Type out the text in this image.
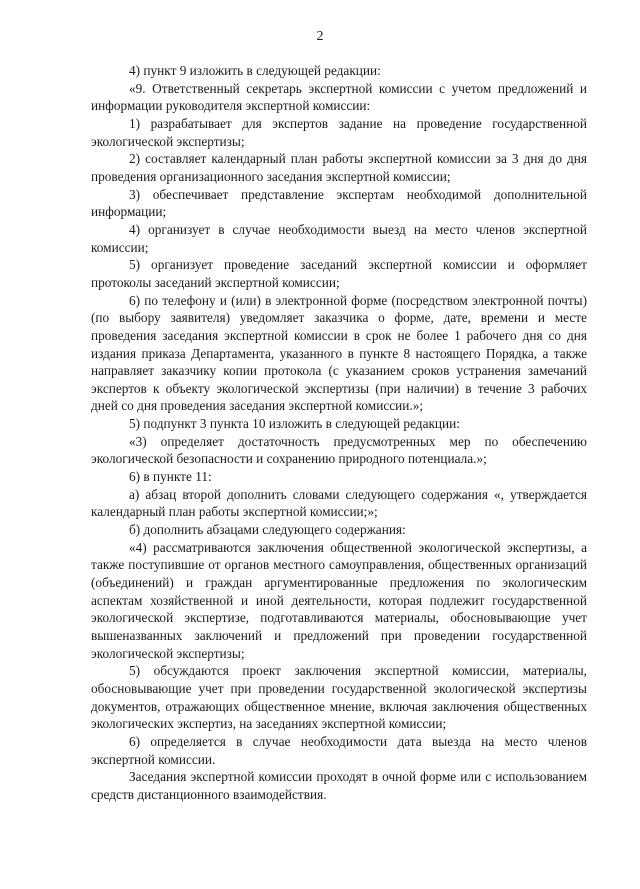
2

4) пункт 9 изложить в следующей редакции:

«9. Ответственный секретарь экспертной комиссии с учетом предложений и информации руководителя экспертной комиссии:

1) разрабатывает для экспертов задание на проведение государственной экологической экспертизы;

2) составляет календарный план работы экспертной комиссии за 3 дня до дня проведения организационного заседания экспертной комиссии;

3) обеспечивает представление экспертам необходимой дополнительной информации;

4) организует в случае необходимости выезд на место членов экспертной комиссии;

5) организует проведение заседаний экспертной комиссии и оформляет протоколы заседаний экспертной комиссии;

6) по телефону и (или) в электронной форме (посредством электронной почты) (по выбору заявителя) уведомляет заказчика о форме, дате, времени и месте проведения заседания экспертной комиссии в срок не более 1 рабочего дня со дня издания приказа Департамента, указанного в пункте 8 настоящего Порядка, а также направляет заказчику копии протокола (с указанием сроков устранения замечаний экспертов к объекту экологической экспертизы (при наличии) в течение 3 рабочих дней со дня проведения заседания экспертной комиссии.»;

5) подпункт 3 пункта 10 изложить в следующей редакции:

«3) определяет достаточность предусмотренных мер по обеспечению экологической безопасности и сохранению природного потенциала.»;

6) в пункте 11:

а) абзац второй дополнить словами следующего содержания «, утверждается календарный план работы экспертной комиссии;»;

б) дополнить абзацами следующего содержания:

«4) рассматриваются заключения общественной экологической экспертизы, а также поступившие от органов местного самоуправления, общественных организаций (объединений) и граждан аргументированные предложения по экологическим аспектам хозяйственной и иной деятельности, которая подлежит государственной экологической экспертизе, подготавливаются материалы, обосновывающие учет вышеназванных заключений и предложений при проведении государственной экологической экспертизы;

5) обсуждаются проект заключения экспертной комиссии, материалы, обосновывающие учет при проведении государственной экологической экспертизы документов, отражающих общественное мнение, включая заключения общественных экологических экспертиз, на заседаниях экспертной комиссии;

6) определяется в случае необходимости дата выезда на место членов экспертной комиссии.

Заседания экспертной комиссии проходят в очной форме или с использованием средств дистанционного взаимодействия.
